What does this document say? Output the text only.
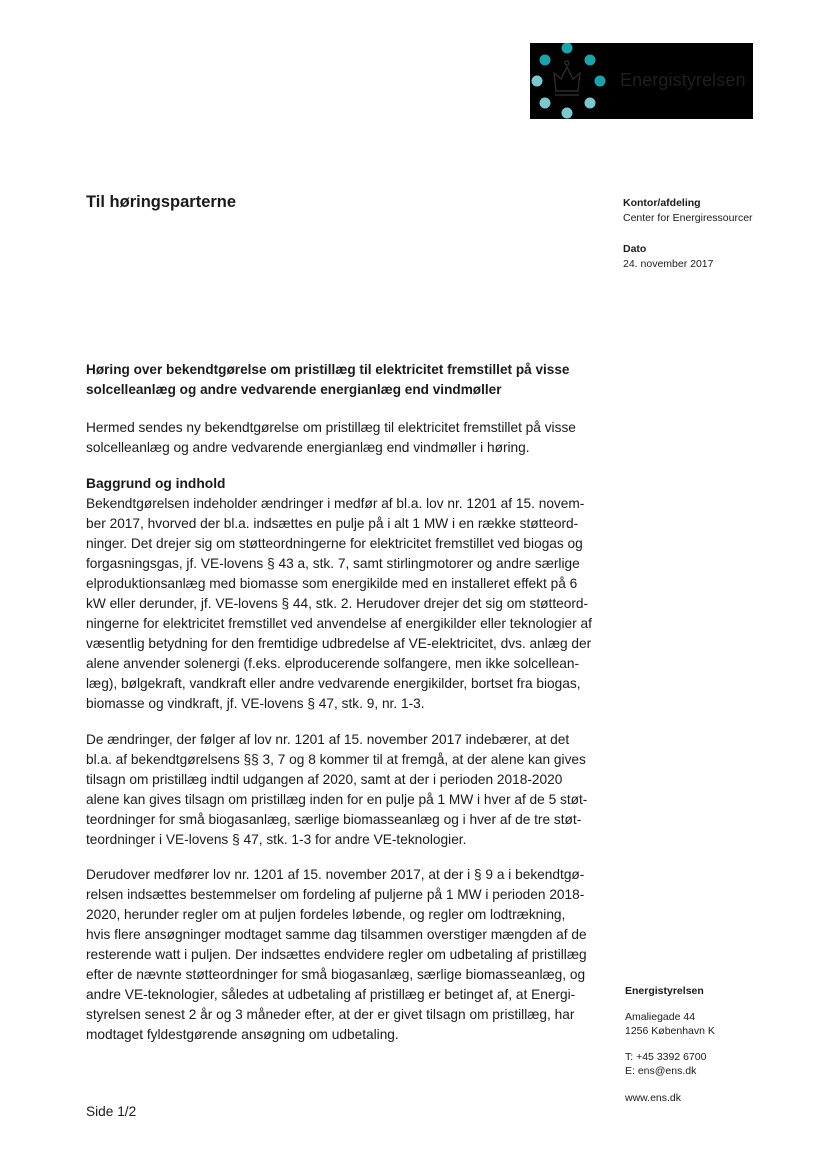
Energistyrelsen
Til høringsparterne	Kontor/afdeling
Center for Energiressourcer
Dato
24. november 2017
Høring over bekendtgørelse om pristillæg til elektricitet fremstillet på visse
solcelleanlæg og andre vedvarende energianlæg end vindmøller
Hermed sendes ny bekendtgørelse om pristillæg til elektricitet fremstillet på visse
solcelleanlæg og andre vedvarende energianlæg end vindmøller i høring.
Baggrund og indhold
Bekendtgørelsen indeholder ændringer i medfør af bl.a. lov nr. 1201 af 15. novem-
ber 2017, hvorved der bl.a. indsættes en pulje på i alt 1 MW i en række støtteord-
ninger. Det drejer sig om støtteordningerne for elektricitet fremstillet ved biogas og
forgasningsgas, jf. VE-lovens § 43 a, stk. 7, samt stirlingmotorer og andre særlige
elproduktionsanlæg med biomasse som energikilde med en installeret effekt på 6
kW eller derunder, jf. VE-lovens § 44, stk. 2. Herudover drejer det sig om støtteord-
ningerne for elektricitet fremstillet ved anvendelse af energikilder eller teknologier af
væsentlig betydning for den fremtidige udbredelse af VE-elektricitet, dvs. anlæg der
alene anvender solenergi (f.eks. elproducerende solfangere, men ikke solcellean-
læg), bølgekraft, vandkraft eller andre vedvarende energikilder, bortset fra biogas,
biomasse og vindkraft, jf. VE-lovens § 47, stk. 9, nr. 1-3.
De ændringer, der følger af lov nr. 1201 af 15. november 2017 indebærer, at det
bl.a. af bekendtgørelsens §§ 3, 7 og 8 kommer til at fremgå, at der alene kan gives
tilsagn om pristillæg indtil udgangen af 2020, samt at der i perioden 2018-2020
alene kan gives tilsagn om pristillæg inden for en pulje på 1 MW i hver af de 5 støt-
teordninger for små biogasanlæg, særlige biomasseanlæg og i hver af de tre støt-
teordninger i VE-lovens § 47, stk. 1-3 for andre VE-teknologier.
Derudover medfører lov nr. 1201 af 15. november 2017, at der i § 9 a i bekendtgø-
relsen indsættes bestemmelser om fordeling af puljerne på 1 MW i perioden 2018-
2020, herunder regler om at puljen fordeles løbende, og regler om lodtrækning,
hvis flere ansøgninger modtaget samme dag tilsammen overstiger mængden af de
resterende watt i puljen. Der indsættes endvidere regler om udbetaling af pristillæg
efter de nævnte støtteordninger for små biogasanlæg, særlige biomasseanlæg, og
andre VE-teknologier, således at udbetaling af pristillæg er betinget af, at Energi-
styrelsen senest 2 år og 3 måneder efter, at der er givet tilsagn om pristillæg, har
modtaget fyldestgørende ansøgning om udbetaling.
Energistyrelsen
Amaliegade 44
1256 København K
T: +45 3392 6700
E: ens@ens.dk
www.ens.dk
Side 1/2
